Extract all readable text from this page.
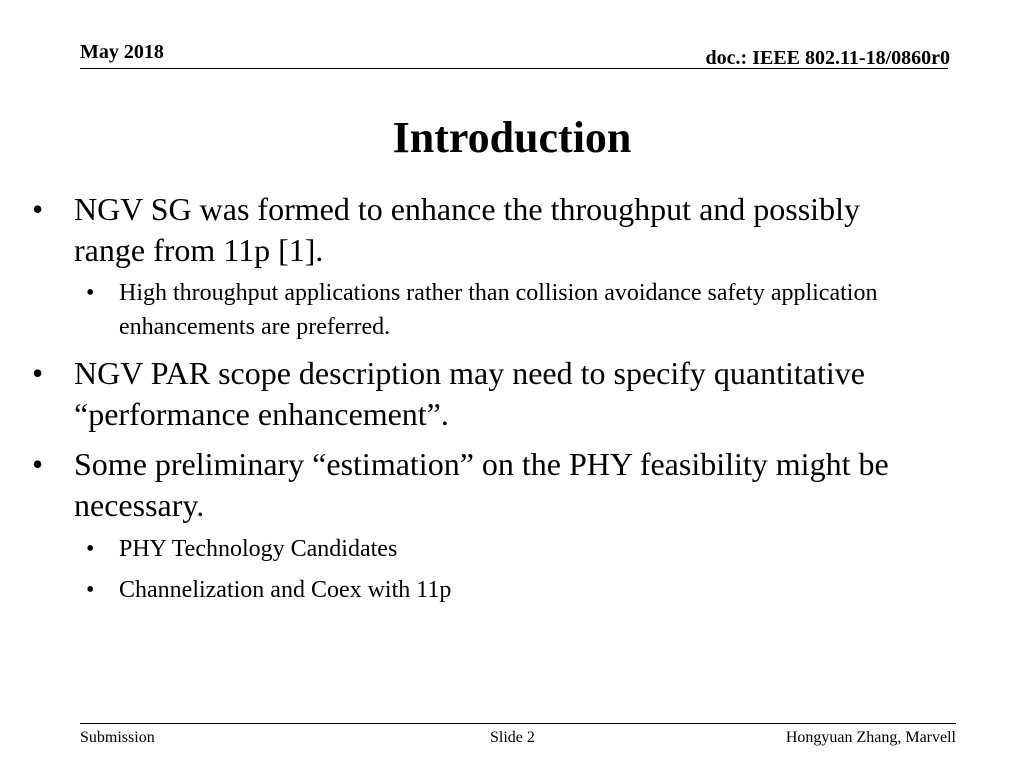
May 2018	doc.: IEEE 802.11-18/0860r0
Introduction
• NGV SG was formed to enhance the throughput and possibly range from 11p [1].
• High throughput applications rather than collision avoidance safety application enhancements are preferred.
• NGV PAR scope description may need to specify quantitative “performance enhancement”.
• Some preliminary “estimation” on the PHY feasibility might be necessary.
• PHY Technology Candidates
• Channelization and Coex with 11p
Submission	Slide 2	Hongyuan Zhang, Marvell
